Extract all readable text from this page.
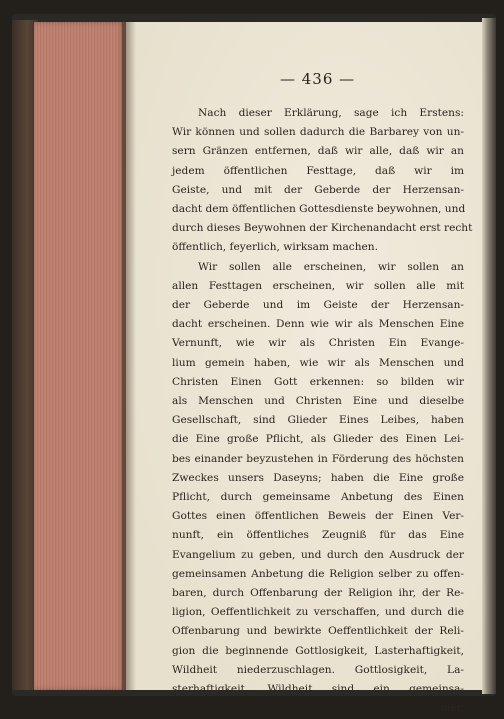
— 436 —
Nach dieser Erklärung, sage ich Erstens:
Wir können und sollen dadurch die Barbarey von un-
sern Gränzen entfernen, daß wir alle, daß wir an
jedem öffentlichen Festtage, daß wir im
Geiste, und mit der Geberde der Herzensan-
dacht dem öffentlichen Gottesdienste beywohnen, und
durch dieses Beywohnen der Kirchenandacht erst recht
öffentlich, feyerlich, wirksam machen.
Wir sollen alle erscheinen, wir sollen an
allen Festtagen erscheinen, wir sollen alle mit
der Geberde und im Geiste der Herzensan-
dacht erscheinen. Denn wie wir als Menschen Eine
Vernunft, wie wir als Christen Ein Evange-
lium gemein haben, wie wir als Menschen und
Christen Einen Gott erkennen: so bilden wir
als Menschen und Christen Eine und dieselbe
Gesellschaft, sind Glieder Eines Leibes, haben
die Eine große Pflicht, als Glieder des Einen Lei-
bes einander beyzustehen in Förderung des höchsten
Zweckes unsers Daseyns; haben die Eine große
Pflicht, durch gemeinsame Anbetung des Einen
Gottes einen öffentlichen Beweis der Einen Ver-
nunft, ein öffentliches Zeugniß für das Eine
Evangelium zu geben, und durch den Ausdruck der
gemeinsamen Anbetung die Religion selber zu offen-
baren, durch Offenbarung der Religion ihr, der Re-
ligion, Oeffentlichkeit zu verschaffen, und durch die
Offenbarung und bewirkte Oeffentlichkeit der Reli-
gion die beginnende Gottlosigkeit, Lasterhaftigkeit,
Wildheit niederzuschlagen. Gottlosigkeit, La-
sterhaftigkeit, Wildheit sind ein gemeinsa-
mer,
